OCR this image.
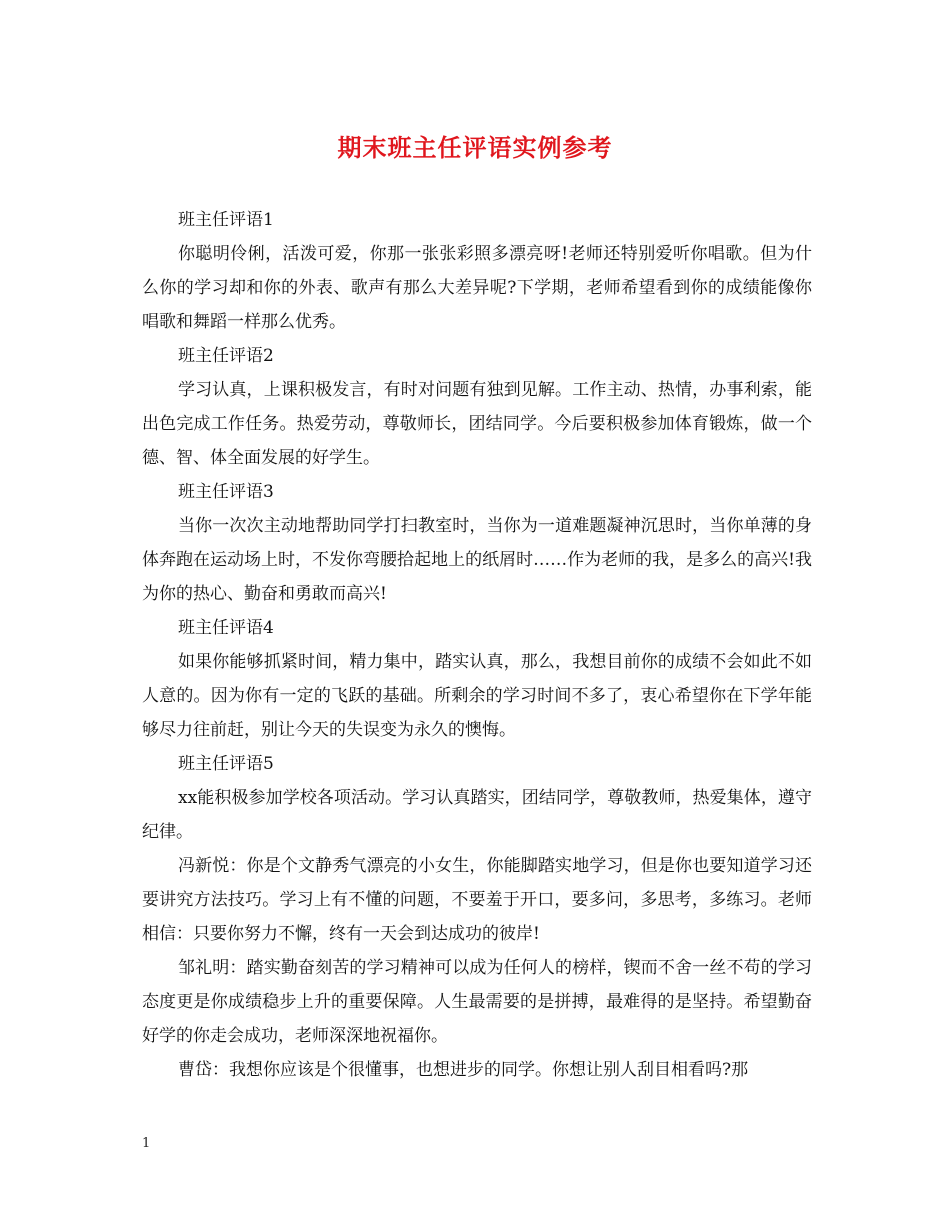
期末班主任评语实例参考

班主任评语1

你聪明伶俐，活泼可爱，你那一张张彩照多漂亮呀!老师还特别爱听你唱歌。但为什么你的学习却和你的外表、歌声有那么大差异呢?下学期，老师希望看到你的成绩能像你唱歌和舞蹈一样那么优秀。

班主任评语2

学习认真，上课积极发言，有时对问题有独到见解。工作主动、热情，办事利索，能出色完成工作任务。热爱劳动，尊敬师长，团结同学。今后要积极参加体育锻炼，做一个德、智、体全面发展的好学生。

班主任评语3

当你一次次主动地帮助同学打扫教室时，当你为一道难题凝神沉思时，当你单薄的身体奔跑在运动场上时，不发你弯腰拾起地上的纸屑时……作为老师的我，是多么的高兴!我为你的热心、勤奋和勇敢而高兴!

班主任评语4

如果你能够抓紧时间，精力集中，踏实认真，那么，我想目前你的成绩不会如此不如人意的。因为你有一定的飞跃的基础。所剩余的学习时间不多了，衷心希望你在下学年能够尽力往前赶，别让今天的失误变为永久的懊悔。

班主任评语5

xx能积极参加学校各项活动。学习认真踏实，团结同学，尊敬教师，热爱集体，遵守纪律。

冯新悦：你是个文静秀气漂亮的小女生，你能脚踏实地学习，但是你也要知道学习还要讲究方法技巧。学习上有不懂的问题，不要羞于开口，要多问，多思考，多练习。老师相信：只要你努力不懈，终有一天会到达成功的彼岸!

邹礼明：踏实勤奋刻苦的学习精神可以成为任何人的榜样，锲而不舍一丝不苟的学习态度更是你成绩稳步上升的重要保障。人生最需要的是拼搏，最难得的是坚持。希望勤奋好学的你走会成功，老师深深地祝福你。

曹岱：我想你应该是个很懂事，也想进步的同学。你想让别人刮目相看吗?那

1
